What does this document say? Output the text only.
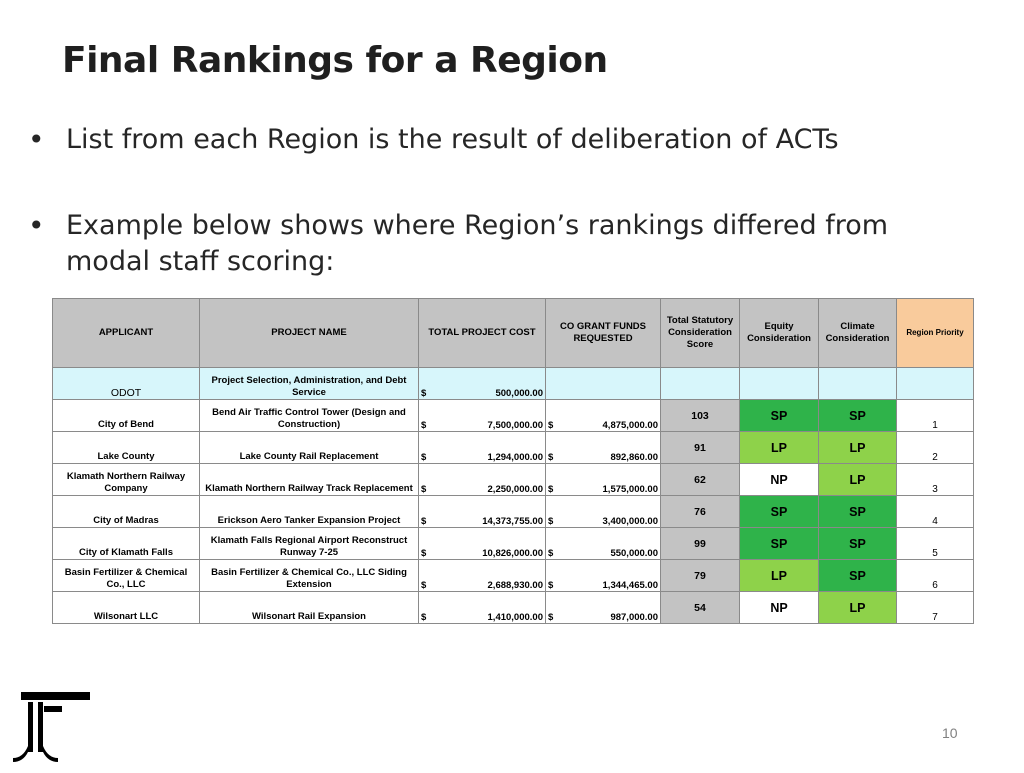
Final Rankings for a Region
• List from each Region is the result of deliberation of ACTs
• Example below shows where Region’s rankings differed from modal staff scoring:
APPLICANT	PROJECT NAME	TOTAL PROJECT COST	CO GRANT FUNDS REQUESTED	Total Statutory Consideration Score	Equity Consideration	Climate Consideration	Region Priority
ODOT	Project Selection, Administration, and Debt Service	$ 500,000.00					

City of Bend	Bend Air Traffic Control Tower (Design and Construction)	$ 7,500,000.00	$ 4,875,000.00	103	SP	SP	1
Lake County	Lake County Rail Replacement	$ 1,294,000.00	$ 892,860.00	91	LP	LP	2
Klamath Northern Railway Company	Klamath Northern Railway Track Replacement	$ 2,250,000.00	$ 1,575,000.00	62	NP	LP	3
City of Madras	Erickson Aero Tanker Expansion Project	$ 14,373,755.00	$ 3,400,000.00	76	SP	SP	4
City of Klamath Falls	Klamath Falls Regional Airport Reconstruct Runway 7-25	$ 10,826,000.00	$ 550,000.00	99	SP	SP	5
Basin Fertilizer & Chemical Co., LLC	Basin Fertilizer & Chemical Co., LLC Siding Extension	$ 2,688,930.00	$ 1,344,465.00	79	LP	SP	6
Wilsonart LLC	Wilsonart Rail Expansion	$ 1,410,000.00	$ 987,000.00	54	NP	LP	7
10
